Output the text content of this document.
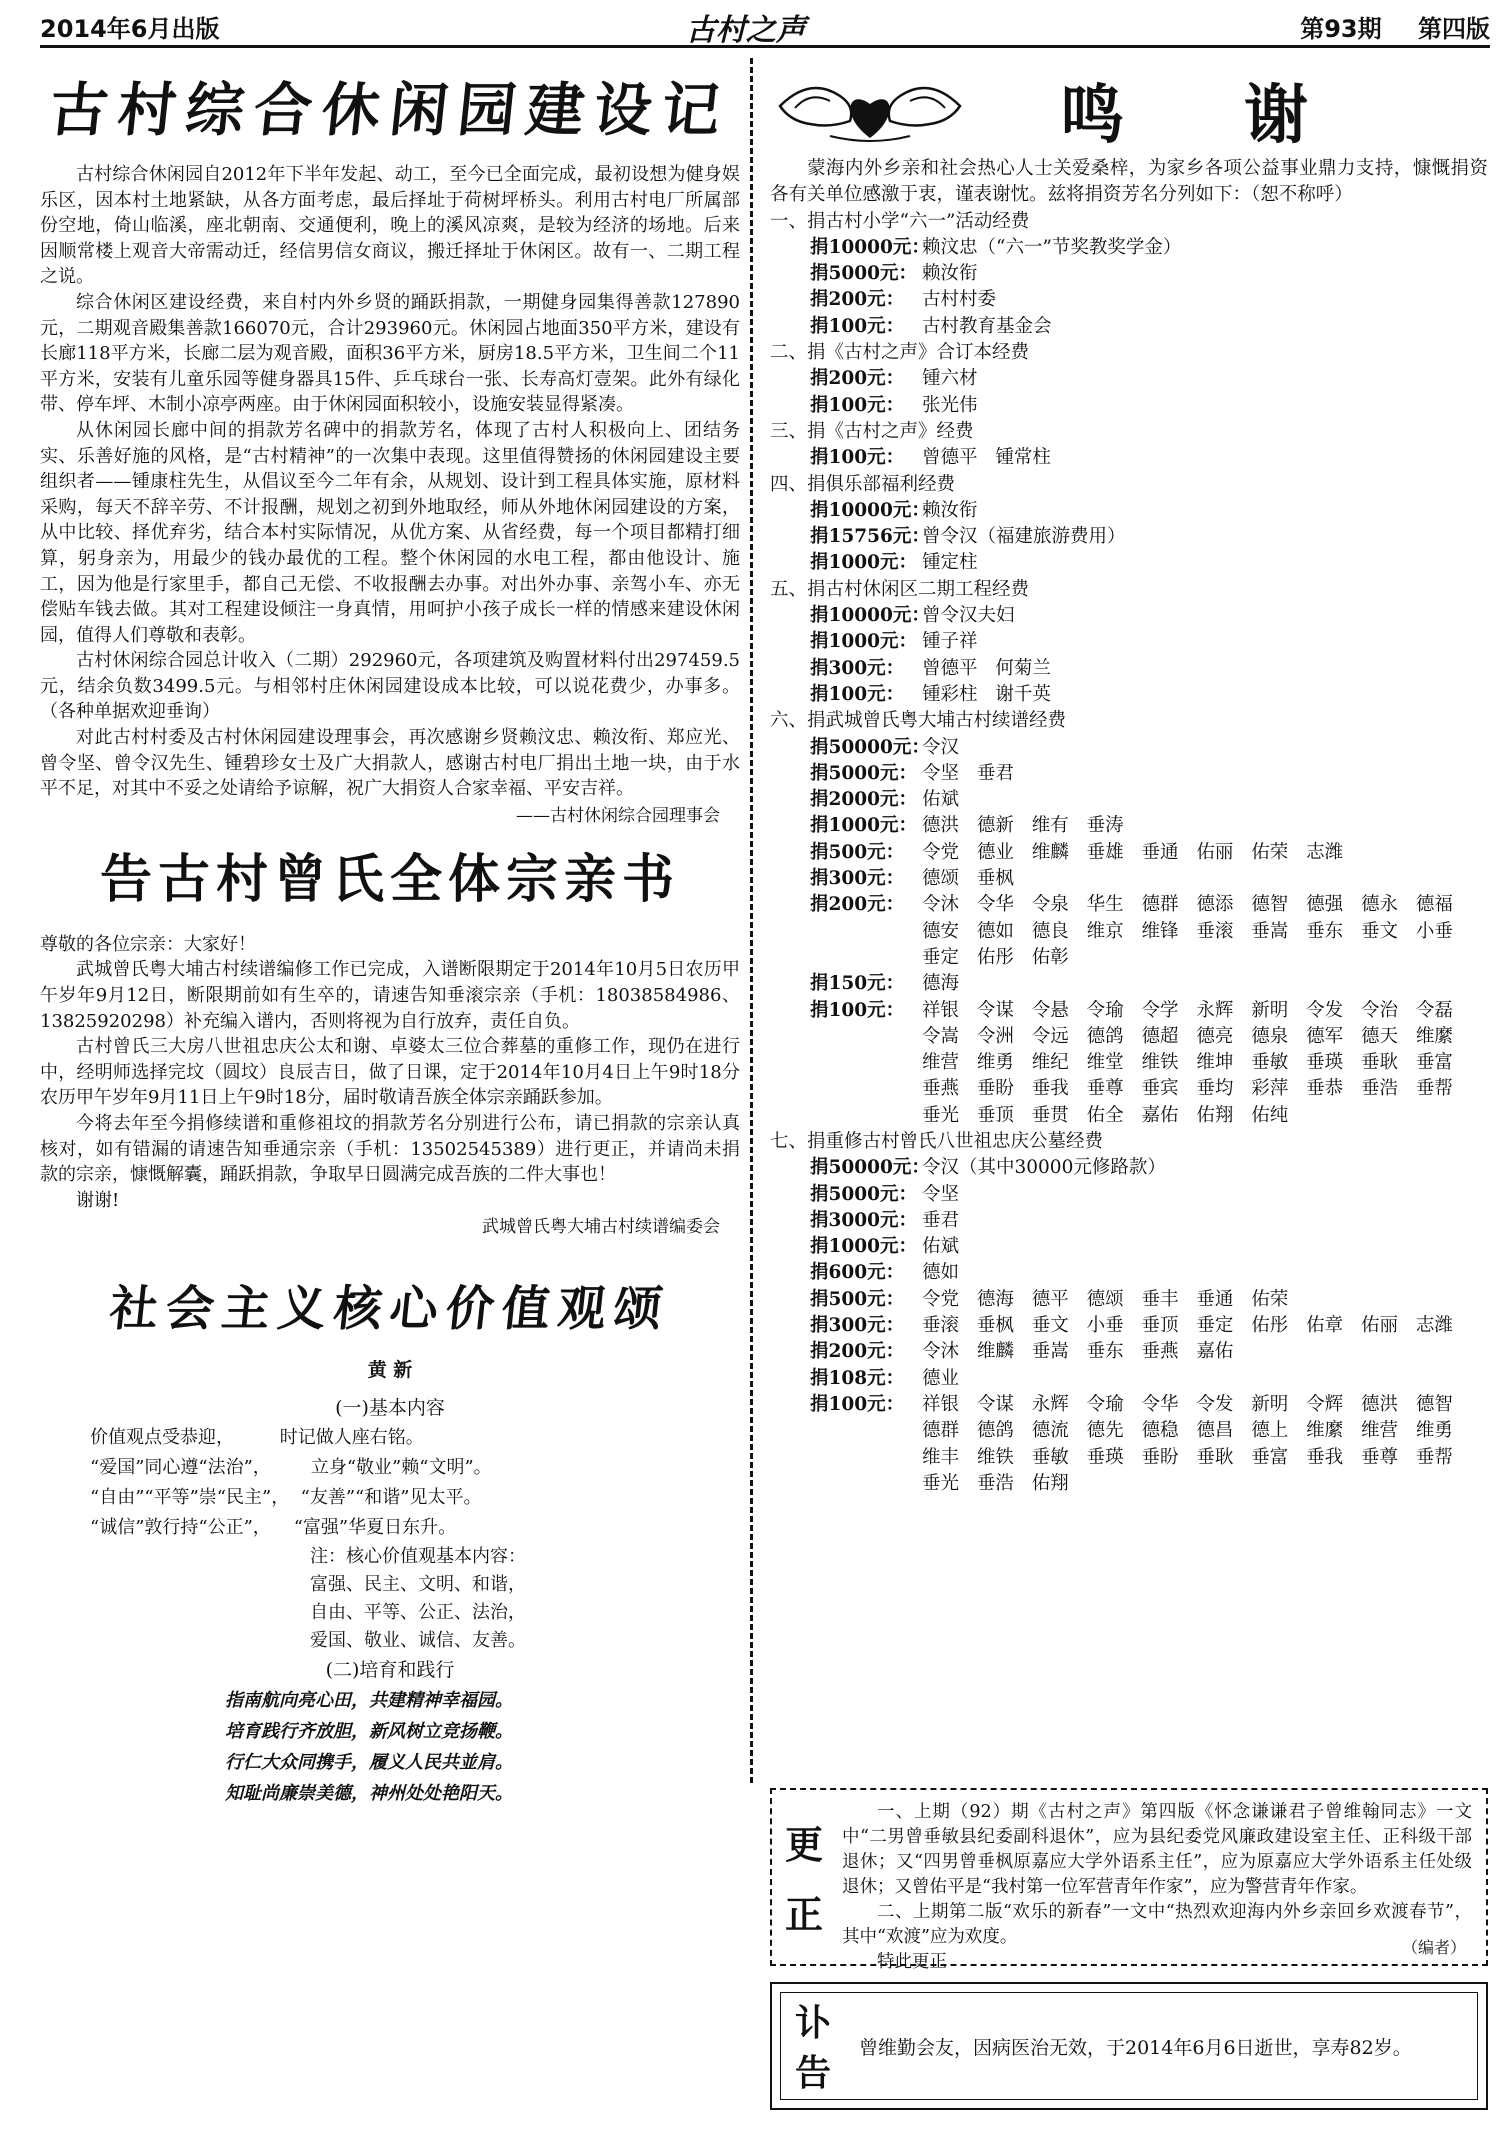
2014年6月出版	古村之声	第93期 第四版
古村综合休闲园建设记

古村综合休闲园自2012年下半年发起、动工，至今已全面完成，最初设想为健身娱乐区，因本村土地紧缺，从各方面考虑，最后择址于荷树坪桥头。利用古村电厂所属部份空地，倚山临溪，座北朝南、交通便利，晚上的溪风凉爽，是较为经济的场地。后来因顺常楼上观音大帝需动迁，经信男信女商议，搬迁择址于休闲区。故有一、二期工程之说。

综合休闲区建设经费，来自村内外乡贤的踊跃捐款，一期健身园集得善款127890元，二期观音殿集善款166070元，合计293960元。休闲园占地面350平方米，建设有长廊118平方米，长廊二层为观音殿，面积36平方米，厨房18.5平方米，卫生间二个11平方米，安装有儿童乐园等健身器具15件、乒乓球台一张、长寿高灯壹架。此外有绿化带、停车坪、木制小凉亭两座。由于休闲园面积较小，设施安装显得紧凑。

从休闲园长廊中间的捐款芳名碑中的捐款芳名，体现了古村人积极向上、团结务实、乐善好施的风格，是“古村精神”的一次集中表现。这里值得赞扬的休闲园建设主要组织者——锺康柱先生，从倡议至今二年有余，从规划、设计到工程具体实施，原材料采购，每天不辞辛劳、不计报酬，规划之初到外地取经，师从外地休闲园建设的方案，从中比较、择优弃劣，结合本村实际情况，从优方案、从省经费，每一个项目都精打细算，躬身亲为，用最少的钱办最优的工程。整个休闲园的水电工程，都由他设计、施工，因为他是行家里手，都自己无偿、不收报酬去办事。对出外办事、亲驾小车、亦无偿贴车钱去做。其对工程建设倾注一身真情，用呵护小孩子成长一样的情感来建设休闲园，值得人们尊敬和表彰。

古村休闲综合园总计收入（二期）292960元，各项建筑及购置材料付出297459.5元，结余负数3499.5元。与相邻村庄休闲园建设成本比较，可以说花费少，办事多。（各种单据欢迎垂询）

对此古村村委及古村休闲园建设理事会，再次感谢乡贤赖汶忠、赖汝衔、郑应光、曾令坚、曾令汉先生、锺碧珍女士及广大捐款人，感谢古村电厂捐出土地一块，由于水平不足，对其中不妥之处请给予谅解，祝广大捐资人合家幸福、平安吉祥。

——古村休闲综合园理事会
告古村曾氏全体宗亲书

尊敬的各位宗亲：大家好！

武城曾氏粤大埔古村续谱编修工作已完成，入谱断限期定于2014年10月5日农历甲午岁年9月12日，断限期前如有生卒的，请速告知垂滚宗亲（手机：18038584986、13825920298）补充编入谱内，否则将视为自行放弃，责任自负。

古村曾氏三大房八世祖忠庆公太和谢、卓婆太三位合葬墓的重修工作，现仍在进行中，经明师选择完坟（圆坟）良辰吉日，做了日课，定于2014年10月4日上午9时18分农历甲午岁年9月11日上午9时18分，届时敬请吾族全体宗亲踊跃参加。

今将去年至今捐修续谱和重修祖坟的捐款芳名分别进行公布，请已捐款的宗亲认真核对，如有错漏的请速告知垂通宗亲（手机：13502545389）进行更正，并请尚未捐款的宗亲，慷慨解囊，踊跃捐款，争取早日圆满完成吾族的二件大事也！

谢谢!

武城曾氏粤大埔古村续谱编委会
社会主义核心价值观颂
黄 新
(一)基本内容
价值观点受恭迎，        时记做人座右铭。
“爱国”同心遵“法治”，       立身“敬业”赖“文明”。
“自由”“平等”崇“民主”，  “友善”“和谐”见太平。
“诚信”敦行持“公正”，    “富强”华夏日东升。
注：核心价值观基本内容：
富强、民主、文明、和谐，
自由、平等、公正、法治，
爱国、敬业、诚信、友善。
(二)培育和践行
指南航向亮心田，共建精神幸福园。
培育践行齐放胆，新风树立竞扬鞭。
行仁大众同携手，履义人民共並肩。
知耻尚廉崇美德，神州处处艳阳天。
鸣谢

蒙海内外乡亲和社会热心人士关爱桑梓，为家乡各项公益事业鼎力支持，慷慨捐资各有关单位感激于衷，谨表谢忱。兹将捐资芳名分列如下：（恕不称呼）

一、捐古村小学“六一”活动经费
捐10000元：
赖汶忠（“六一”节奖教奖学金）
捐5000元： 赖汝衔
捐200元： 古村村委
捐100元： 古村教育基金会
二、捐《古村之声》合订本经费
捐200元： 锺六材
捐100元： 张光伟
三、捐《古村之声》经费
捐100元： 曾德平 锺常柱
四、捐俱乐部福利经费
捐10000元：
赖汝衔
捐15756元：
曾令汉（福建旅游费用）
捐1000元： 锺定柱
五、捐古村休闲区二期工程经费
捐10000元：
曾令汉夫妇
捐1000元： 锺子祥
捐300元： 曾德平 何菊兰
捐100元： 锺彩柱 谢千英
六、捐武城曾氏粤大埔古村续谱经费
捐50000元：
令汉
捐5000元： 令坚 垂君
捐2000元： 佑斌
捐1000元： 德洪 德新 维有 垂涛
捐500元： 令党 德业 维麟 垂雄 垂通 佑丽 佑荣 志潍
捐300元： 德颂 垂枫
捐200元： 令沐 令华 令泉 华生 德群 德添 德智 德强 德永 德福 德安 德如 德良 维京 维锋 垂滚 垂嵩 垂东 垂文 小垂 垂定 佑彤 佑彰
捐150元： 德海
捐100元： 祥银 令谋 令悬 令瑜 令学 永辉 新明 令发 令治 令磊 令嵩 令洲 令远 德鸽 德超 德亮 德泉 德军 德天 维縻 维营 维勇 维纪 维堂 维铁 维坤 垂敏 垂瑛 垂耿 垂富 垂燕 垂盼 垂我 垂尊 垂宾 垂均 彩萍 垂恭 垂浩 垂帮 垂光 垂顶 垂贯 佑全 嘉佑 佑翔 佑纯
七、捐重修古村曾氏八世祖忠庆公墓经费
捐50000元：
令汉（其中30000元修路款）
捐5000元： 令坚
捐3000元： 垂君
捐1000元： 佑斌
捐600元： 德如
捐500元： 令党 德海 德平 德颂 垂丰 垂通 佑荣
捐300元： 垂滚 垂枫 垂文 小垂 垂顶 垂定 佑彤 佑章 佑丽 志潍
捐200元： 令沐 维麟 垂嵩 垂东 垂燕 嘉佑
捐108元： 德业
捐100元： 祥银 令谋 永辉 令瑜 令华 令发 新明 令辉 德洪 德智 德群 德鸽 德流 德先 德稳 德昌 德上 维縻 维营 维勇 维丰 维铁 垂敏 垂瑛 垂盼 垂耿 垂富 垂我 垂尊 垂帮 垂光 垂浩 佑翔
更
正

一、上期（92）期《古村之声》第四版《怀念谦谦君子曾维翰同志》一文中“二男曾垂敏县纪委副科退休”，应为县纪委党风廉政建设室主任、正科级干部退休；又“四男曾垂枫原嘉应大学外语系主任”，应为原嘉应大学外语系主任处级退休；又曾佑平是“我村第一位军营青年作家”，应为警营青年作家。

二、上期第二版“欢乐的新春”一文中“热烈欢迎海内外乡亲回乡欢渡春节”，其中“欢渡”应为欢度。

特此更正

（编者）
讣
告
曾维勤会友，因病医治无效，于2014年6月6日逝世，享寿82岁。
